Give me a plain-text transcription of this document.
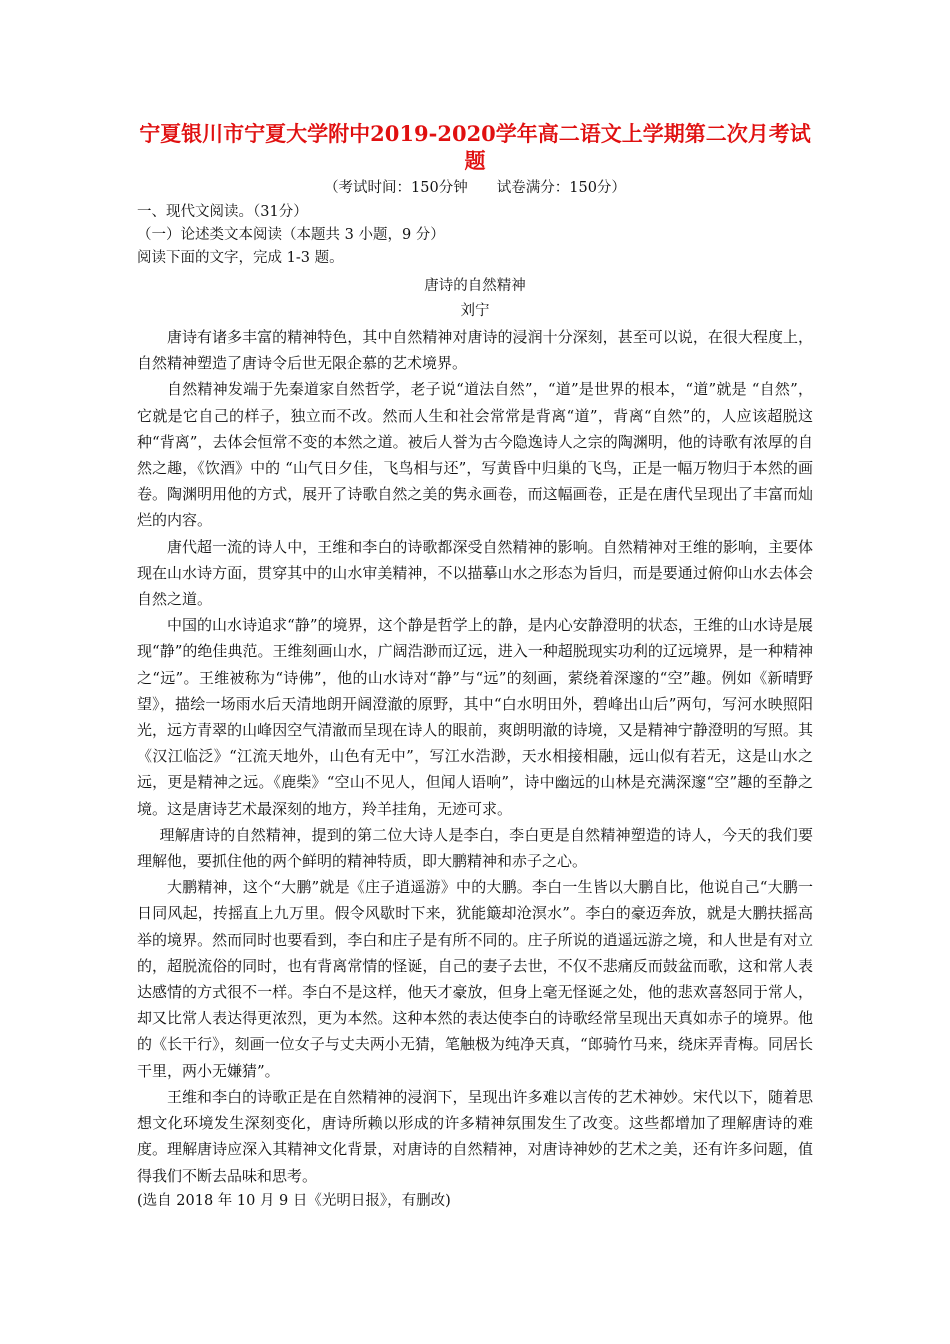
宁夏银川市宁夏大学附中2019-2020学年高二语文上学期第二次月考试题
（考试时间：150分钟　　试卷满分：150分）
一、现代文阅读。（31分）
（一）论述类文本阅读（本题共 3 小题，9 分）
阅读下面的文字，完成 1-3 题。
唐诗的自然精神
刘宁

唐诗有诸多丰富的精神特色，其中自然精神对唐诗的浸润十分深刻，甚至可以说，在很大程度上，自然精神塑造了唐诗令后世无限企慕的艺术境界。

自然精神发端于先秦道家自然哲学，老子说“道法自然”，“道”是世界的根本，“道”就是 “自然”，它就是它自己的样子，独立而不改。然而人生和社会常常是背离“道”，背离“自然”的，人应该超脱这种“背离”，去体会恒常不变的本然之道。被后人誉为古今隐逸诗人之宗的陶渊明，他的诗歌有浓厚的自然之趣，《饮酒》中的 “山气日夕佳，飞鸟相与还”，写黄昏中归巢的飞鸟，正是一幅万物归于本然的画卷。陶渊明用他的方式，展开了诗歌自然之美的隽永画卷，而这幅画卷，正是在唐代呈现出了丰富而灿烂的内容。

唐代超一流的诗人中，王维和李白的诗歌都深受自然精神的影响。自然精神对王维的影响，主要体现在山水诗方面，贯穿其中的山水审美精神，不以描摹山水之形态为旨归，而是要通过俯仰山水去体会自然之道。

中国的山水诗追求“静”的境界，这个静是哲学上的静，是内心安静澄明的状态，王维的山水诗是展现“静”的绝佳典范。王维刻画山水，广阔浩渺而辽远，进入一种超脱现实功利的辽远境界，是一种精神之“远”。王维被称为“诗佛”，他的山水诗对“静”与“远”的刻画，萦绕着深邃的“空”趣。例如《新晴野望》，描绘一场雨水后天清地朗开阔澄澈的原野，其中“白水明田外，碧峰出山后”两句，写河水映照阳光，远方青翠的山峰因空气清澈而呈现在诗人的眼前，爽朗明澈的诗境，又是精神宁静澄明的写照。其《汉江临泛》“江流天地外，山色有无中”，写江水浩渺，天水相接相融，远山似有若无，这是山水之远，更是精神之远。《鹿柴》“空山不见人，但闻人语响”，诗中幽远的山林是充满深邃“空”趣的至静之境。这是唐诗艺术最深刻的地方，羚羊挂角，无迹可求。

理解唐诗的自然精神，提到的第二位大诗人是李白，李白更是自然精神塑造的诗人，今天的我们要理解他，要抓住他的两个鲜明的精神特质，即大鹏精神和赤子之心。

大鹏精神，这个“大鹏”就是《庄子逍遥游》中的大鹏。李白一生皆以大鹏自比，他说自己“大鹏一日同风起，抟摇直上九万里。假令风歇时下来，犹能簸却沧溟水”。李白的豪迈奔放，就是大鹏扶摇高举的境界。然而同时也要看到，李白和庄子是有所不同的。庄子所说的逍遥远游之境，和人世是有对立的，超脱流俗的同时，也有背离常情的怪诞，自己的妻子去世，不仅不悲痛反而鼓盆而歌，这和常人表达感情的方式很不一样。李白不是这样，他天才豪放，但身上毫无怪诞之处，他的悲欢喜怒同于常人，却又比常人表达得更浓烈，更为本然。这种本然的表达使李白的诗歌经常呈现出天真如赤子的境界。他的《长干行》，刻画一位女子与丈夫两小无猜，笔触极为纯净天真，“郎骑竹马来，绕床弄青梅。同居长干里，两小无嫌猜”。

王维和李白的诗歌正是在自然精神的浸润下，呈现出许多难以言传的艺术神妙。宋代以下，随着思想文化环境发生深刻变化，唐诗所赖以形成的许多精神氛围发生了改变。这些都增加了理解唐诗的难度。理解唐诗应深入其精神文化背景，对唐诗的自然精神，对唐诗神妙的艺术之美，还有许多问题，值得我们不断去品味和思考。

(选自 2018 年 10 月 9 日《光明日报》，有删改)
